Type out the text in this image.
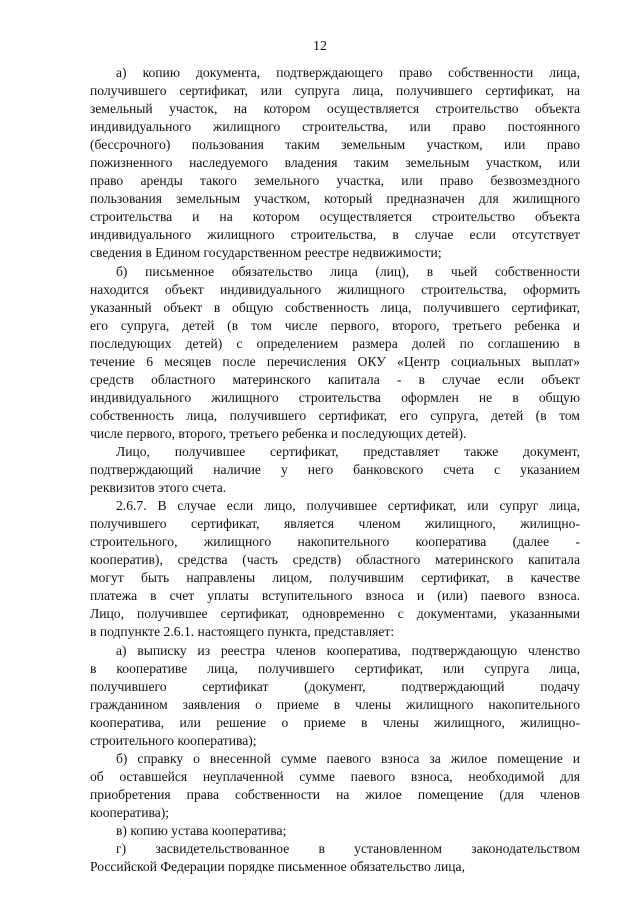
12
а) копию документа, подтверждающего право собственности лица,
получившего сертификат, или супруга лица, получившего сертификат, на
земельный участок, на котором осуществляется строительство объекта
индивидуального жилищного строительства, или право постоянного
(бессрочного) пользования таким земельным участком, или право
пожизненного наследуемого владения таким земельным участком, или
право аренды такого земельного участка, или право безвозмездного
пользования земельным участком, который предназначен для жилищного
строительства и на котором осуществляется строительство объекта
индивидуального жилищного строительства, в случае если отсутствует
сведения в Едином государственном реестре недвижимости;
б) письменное обязательство лица (лиц), в чьей собственности
находится объект индивидуального жилищного строительства, оформить
указанный объект в общую собственность лица, получившего сертификат,
его супруга, детей (в том числе первого, второго, третьего ребенка и
последующих детей) с определением размера долей по соглашению в
течение 6 месяцев после перечисления ОКУ «Центр социальных выплат»
средств областного материнского капитала - в случае если объект
индивидуального жилищного строительства оформлен не в общую
собственность лица, получившего сертификат, его супруга, детей (в том
числе первого, второго, третьего ребенка и последующих детей).
Лицо, получившее сертификат, представляет также документ,
подтверждающий наличие у него банковского счета с указанием
реквизитов этого счета.
2.6.7. В случае если лицо, получившее сертификат, или супруг лица,
получившего сертификат, является членом жилищного, жилищно-
строительного, жилищного накопительного кооператива (далее -
кооператив), средства (часть средств) областного материнского капитала
могут быть направлены лицом, получившим сертификат, в качестве
платежа в счет уплаты вступительного взноса и (или) паевого взноса.
Лицо, получившее сертификат, одновременно с документами, указанными
в подпункте 2.6.1. настоящего пункта, представляет:
а) выписку из реестра членов кооператива, подтверждающую членство
в кооперативе лица, получившего сертификат, или супруга лица,
получившего сертификат (документ, подтверждающий подачу
гражданином заявления о приеме в члены жилищного накопительного
кооператива, или решение о приеме в члены жилищного, жилищно-
строительного кооператива);
б) справку о внесенной сумме паевого взноса за жилое помещение и
об оставшейся неуплаченной сумме паевого взноса, необходимой для
приобретения права собственности на жилое помещение (для членов
кооператива);
в) копию устава кооператива;
г) засвидетельствованное в установленном законодательством
Российской Федерации порядке письменное обязательство лица,
